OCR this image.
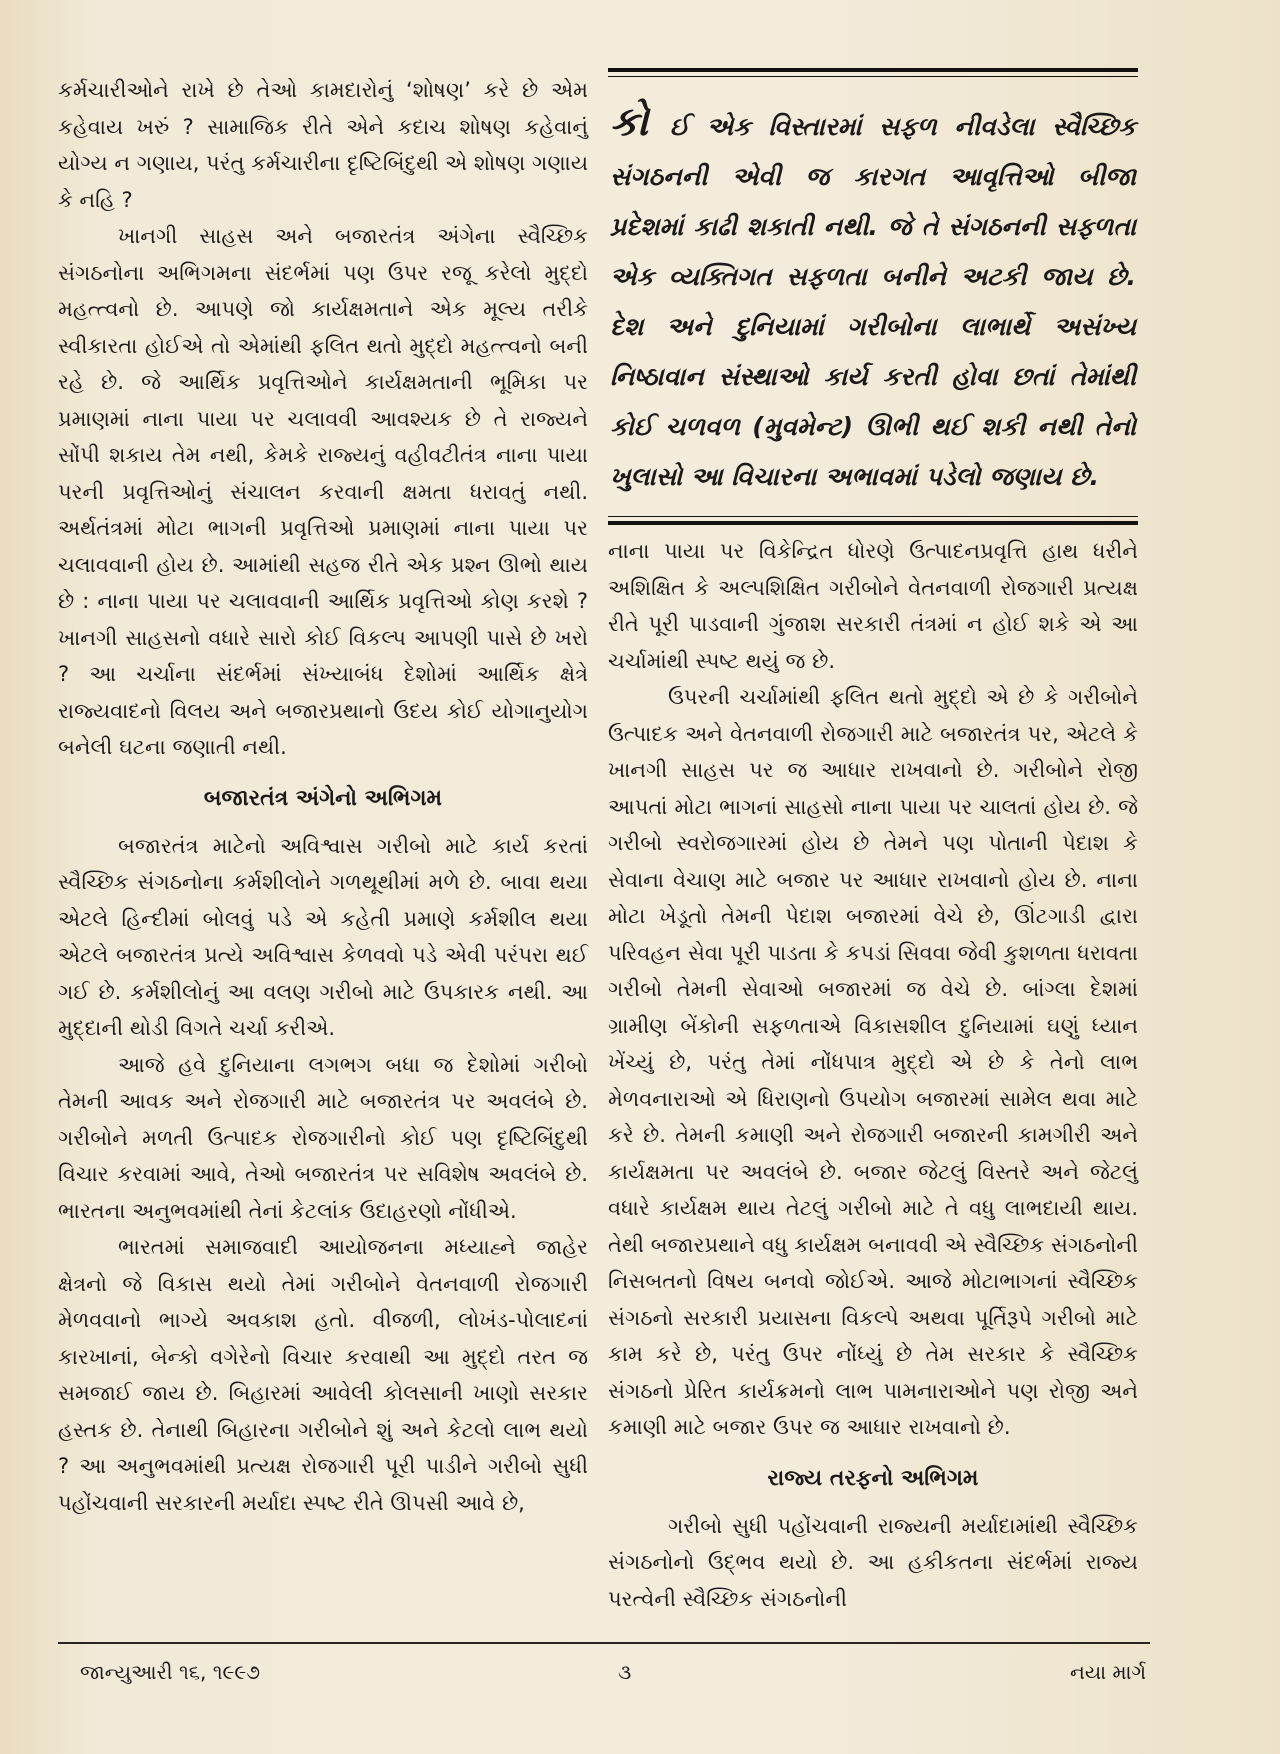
કર્મચારીઓને રાખે છે તેઓ કામદારોનું ‘શોષણ’ કરે છે એમ કહેવાય ખરું ? સામાજિક રીતે એને કદાચ શોષણ કહેવાનું યોગ્ય ન ગણાય, પરંતુ કર્મચારીના દૃષ્ટિબિંદુથી એ શોષણ ગણાય કે નહિ ?

ખાનગી સાહસ અને બજારતંત્ર અંગેના સ્વૈચ્છિક સંગઠનોના અભિગમના સંદર્ભમાં પણ ઉપર રજૂ કરેલો મુદ્દો મહત્ત્વનો છે. આપણે જો કાર્યક્ષમતાને એક મૂલ્ય તરીકે સ્વીકારતા હોઈએ તો એમાંથી ફલિત થતો મુદ્દો મહત્ત્વનો બની રહે છે. જે આર્થિક પ્રવૃત્તિઓને કાર્યક્ષમતાની ભૂમિકા પર પ્રમાણમાં નાના પાયા પર ચલાવવી આવશ્યક છે તે રાજ્યને સોંપી શકાય તેમ નથી, કેમકે રાજ્યનું વહીવટીતંત્ર નાના પાયા પરની પ્રવૃત્તિઓનું સંચાલન કરવાની ક્ષમતા ધરાવતું નથી. અર્થતંત્રમાં મોટા ભાગની પ્રવૃત્તિઓ પ્રમાણમાં નાના પાયા પર ચલાવવાની હોય છે. આમાંથી સહજ રીતે એક પ્રશ્ન ઊભો થાય છે : નાના પાયા પર ચલાવવાની આર્થિક પ્રવૃત્તિઓ કોણ કરશે ? ખાનગી સાહસનો વધારે સારો કોઈ વિકલ્પ આપણી પાસે છે ખરો ? આ ચર્ચાના સંદર્ભમાં સંખ્યાબંધ દેશોમાં આર્થિક ક્ષેત્રે રાજ્યવાદનો વિલય અને બજારપ્રથાનો ઉદય કોઈ યોગાનુયોગ બનેલી ઘટના જણાતી નથી.

બજારતંત્ર અંગેનો અભિગમ

બજારતંત્ર માટેનો અવિશ્વાસ ગરીબો માટે કાર્ય કરતાં સ્વૈચ્છિક સંગઠનોના કર્મશીલોને ગળથૂથીમાં મળે છે. બાવા થયા એટલે હિન્દીમાં બોલવું પડે એ કહેતી પ્રમાણે કર્મશીલ થયા એટલે બજારતંત્ર પ્રત્યે અવિશ્વાસ કેળવવો પડે એવી પરંપરા થઈ ગઈ છે. કર્મશીલોનું આ વલણ ગરીબો માટે ઉપકારક નથી. આ મુદ્દાની થોડી વિગતે ચર્ચા કરીએ.

આજે હવે દુનિયાના લગભગ બધા જ દેશોમાં ગરીબો તેમની આવક અને રોજગારી માટે બજારતંત્ર પર અવલંબે છે. ગરીબોને મળતી ઉત્પાદક રોજગારીનો કોઈ પણ દૃષ્ટિબિંદુથી વિચાર કરવામાં આવે, તેઓ બજારતંત્ર પર સવિશેષ અવલંબે છે. ભારતના અનુભવમાંથી તેનાં કેટલાંક ઉદાહરણો નોંધીએ.

ભારતમાં સમાજવાદી આયોજનના મધ્યાહ્ને જાહેર ક્ષેત્રનો જે વિકાસ થયો તેમાં ગરીબોને વેતનવાળી રોજગારી મેળવવાનો ભાગ્યે અવકાશ હતો. વીજળી, લોખંડ-પોલાદનાં કારખાનાં, બેન્કો વગેરેનો વિચાર કરવાથી આ મુદ્દો તરત જ સમજાઈ જાય છે. બિહારમાં આવેલી કોલસાની ખાણો સરકાર હસ્તક છે. તેનાથી બિહારના ગરીબોને શું અને કેટલો લાભ થયો ? આ અનુભવમાંથી પ્રત્યક્ષ રોજગારી પૂરી પાડીને ગરીબો સુધી પહોંચવાની સરકારની મર્યાદા સ્પષ્ટ રીતે ઊપસી આવે છે,

કો ઈ એક વિસ્તારમાં સફળ નીવડેલા સ્વૈચ્છિક સંગઠનની એવી જ કારગત આવૃત્તિઓ બીજા પ્રદેશમાં કાઢી શકાતી નથી. જે તે સંગઠનની સફળતા એક વ્યક્તિગત સફળતા બનીને અટકી જાય છે. દેશ અને દુનિયામાં ગરીબોના લાભાર્થે અસંખ્ય નિષ્ઠાવાન સંસ્થાઓ કાર્ય કરતી હોવા છતાં તેમાંથી કોઈ ચળવળ (મુવમેન્ટ) ઊભી થઈ શકી નથી તેનો ખુલાસો આ વિચારના અભાવમાં પડેલો જણાય છે.

નાના પાયા પર વિકેન્દ્રિત ધોરણે ઉત્પાદનપ્રવૃત્તિ હાથ ધરીને અશિક્ષિત કે અલ્પશિક્ષિત ગરીબોને વેતનવાળી રોજગારી પ્રત્યક્ષ રીતે પૂરી પાડવાની ગુંજાશ સરકારી તંત્રમાં ન હોઈ શકે એ આ ચર્ચામાંથી સ્પષ્ટ થયું જ છે.

ઉપરની ચર્ચામાંથી ફલિત થતો મુદ્દો એ છે કે ગરીબોને ઉત્પાદક અને વેતનવાળી રોજગારી માટે બજારતંત્ર પર, એટલે કે ખાનગી સાહસ પર જ આધાર રાખવાનો છે. ગરીબોને રોજી આપતાં મોટા ભાગનાં સાહસો નાના પાયા પર ચાલતાં હોય છે. જે ગરીબો સ્વરોજગારમાં હોય છે તેમને પણ પોતાની પેદાશ કે સેવાના વેચાણ માટે બજાર પર આધાર રાખવાનો હોય છે. નાના મોટા ખેડૂતો તેમની પેદાશ બજારમાં વેચે છે, ઊંટગાડી દ્વારા પરિવહન સેવા પૂરી પાડતા કે કપડાં સિવવા જેવી કુશળતા ધરાવતા ગરીબો તેમની સેવાઓ બજારમાં જ વેચે છે. બાંગ્લા દેશમાં ગ્રામીણ બેંકોની સફળતાએ વિકાસશીલ દુનિયામાં ઘણું ધ્યાન ખેંચ્યું છે, પરંતુ તેમાં નોંધપાત્ર મુદ્દો એ છે કે તેનો લાભ મેળવનારાઓ એ ધિરાણનો ઉપયોગ બજારમાં સામેલ થવા માટે કરે છે. તેમની કમાણી અને રોજગારી બજારની કામગીરી અને કાર્યક્ષમતા પર અવલંબે છે. બજાર જેટલું વિસ્તરે અને જેટલું વધારે કાર્યક્ષમ થાય તેટલું ગરીબો માટે તે વધુ લાભદાયી થાય. તેથી બજારપ્રથાને વધુ કાર્યક્ષમ બનાવવી એ સ્વૈચ્છિક સંગઠનોની નિસબતનો વિષય બનવો જોઈએ. આજે મોટાભાગનાં સ્વૈચ્છિક સંગઠનો સરકારી પ્રયાસના વિકલ્પે અથવા પૂર્તિરૂપે ગરીબો માટે કામ કરે છે, પરંતુ ઉપર નોંધ્યું છે તેમ સરકાર કે સ્વૈચ્છિક સંગઠનો પ્રેરિત કાર્યક્રમનો લાભ પામનારાઓને પણ રોજી અને કમાણી માટે બજાર ઉપર જ આધાર રાખવાનો છે.

રાજ્ય તરફનો અભિગમ

ગરીબો સુધી પહોંચવાની રાજ્યની મર્યાદામાંથી સ્વૈચ્છિક સંગઠનોનો ઉદ્ભવ થયો છે. આ હકીકતના સંદર્ભમાં રાજ્ય પરત્વેની સ્વૈચ્છિક સંગઠનોની

જાન્યુઆરી ૧૬, ૧૯૯૭	૩	નયા માર્ગ
